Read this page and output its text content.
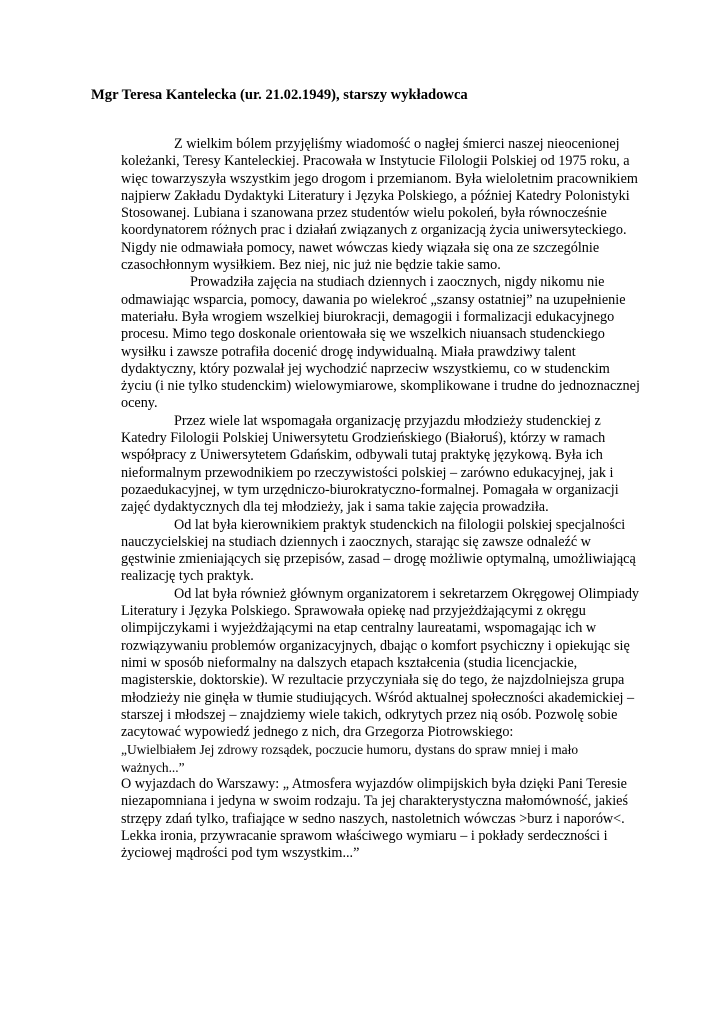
Mgr Teresa Kantelecka (ur. 21.02.1949), starszy wykładowca

Z wielkim bólem przyjęliśmy wiadomość o nagłej śmierci naszej nieocenionej koleżanki, Teresy Kanteleckiej. Pracowała w Instytucie Filologii Polskiej od 1975 roku, a więc towarzyszyła wszystkim jego drogom i przemianom. Była wieloletnim pracownikiem najpierw Zakładu Dydaktyki Literatury i Języka Polskiego, a później Katedry Polonistyki Stosowanej. Lubiana i szanowana przez studentów wielu pokoleń, była równocześnie koordynatorem różnych prac i działań związanych z organizacją życia uniwersyteckiego. Nigdy nie odmawiała pomocy, nawet wówczas kiedy wiązała się ona ze szczególnie czasochłonnym wysiłkiem. Bez niej, nic już nie będzie takie samo.

Prowadziła zajęcia na studiach dziennych i zaocznych, nigdy nikomu nie odmawiając wsparcia, pomocy, dawania po wielekroć „szansy ostatniej” na uzupełnienie materiału. Była wrogiem wszelkiej biurokracji, demagogii i formalizacji edukacyjnego procesu. Mimo tego doskonale orientowała się we wszelkich niuansach studenckiego wysiłku i zawsze potrafiła docenić drogę indywidualną. Miała prawdziwy talent dydaktyczny, który pozwalał jej wychodzić naprzeciw wszystkiemu, co w studenckim życiu (i nie tylko studenckim) wielowymiarowe, skomplikowane i trudne do jednoznacznej oceny.

Przez wiele lat wspomagała organizację przyjazdu młodzieży studenckiej z Katedry Filologii Polskiej Uniwersytetu Grodzieńskiego (Białoruś), którzy w ramach współpracy z Uniwersytetem Gdańskim, odbywali tutaj praktykę językową. Była ich nieformalnym przewodnikiem po rzeczywistości polskiej – zarówno edukacyjnej, jak i pozaedukacyjnej, w tym urzędniczo-biurokratyczno-formalnej. Pomagała w organizacji zajęć dydaktycznych dla tej młodzieży, jak i sama takie zajęcia prowadziła.

Od lat była kierownikiem praktyk studenckich na filologii polskiej specjalności nauczycielskiej na studiach dziennych i zaocznych, starając się zawsze odnaleźć w gęstwinie zmieniających się przepisów, zasad – drogę możliwie optymalną, umożliwiającą realizację tych praktyk.

Od lat była również głównym organizatorem i sekretarzem Okręgowej Olimpiady Literatury i Języka Polskiego. Sprawowała opiekę nad przyjeżdżającymi z okręgu olimpijczykami i wyjeżdżającymi na etap centralny laureatami, wspomagając ich w rozwiązywaniu problemów organizacyjnych, dbając o komfort psychiczny i opiekując się nimi w sposób nieformalny na dalszych etapach kształcenia (studia licencjackie, magisterskie, doktorskie). W rezultacie przyczyniała się do tego, że najzdolniejsza grupa młodzieży nie ginęła w tłumie studiujących. Wśród aktualnej społeczności akademickiej – starszej i młodszej – znajdziemy wiele takich, odkrytych przez nią osób. Pozwolę sobie zacytować wypowiedź jednego z nich, dra Grzegorza Piotrowskiego:

„Uwielbiałem Jej zdrowy rozsądek, poczucie humoru, dystans do spraw mniej i mało ważnych...”

O wyjazdach do Warszawy: „ Atmosfera wyjazdów olimpijskich była dzięki Pani Teresie niezapomniana i jedyna w swoim rodzaju. Ta jej charakterystyczna małomówność, jakieś strzępy zdań tylko, trafiające w sedno naszych, nastoletnich wówczas >burz i naporów<. Lekka ironia, przywracanie sprawom właściwego wymiaru – i pokłady serdeczności i życiowej mądrości pod tym wszystkim...”
